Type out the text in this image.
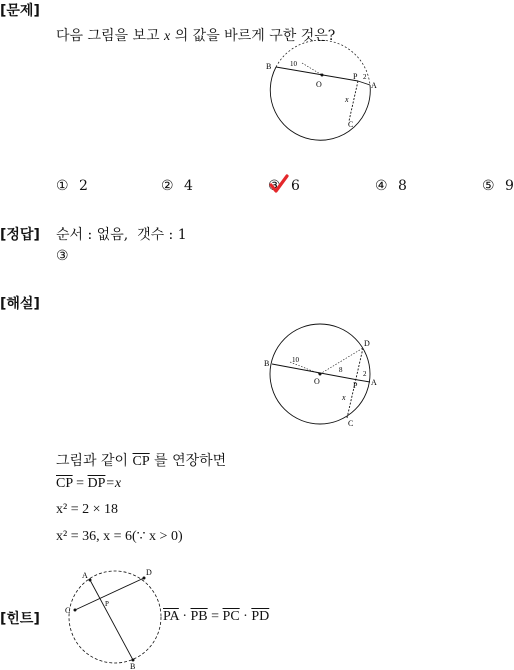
[문제]
다음 그림을 보고 x 의 값을 바르게 구한 것은?
B	10
O
P 2
A
x
C
① 2	② 4	③ 6	④ 8	⑤ 9
[정답] 순서 : 없음,  갯수 : 1
③
[해설]
B	10
O
8
D
P
2
A
x
C
그림과 같이 $\overline{CP}$ 를 연장하면
$\overline{CP} = \overline{DP}=x$
x² = 2 × 18
x² = 36, x = 6(∵ x > 0)
[힌트]
A
B
C
D
P
$\overline{PA} \cdot \overline{PB} = \overline{PC} \cdot \overline{PD}$
